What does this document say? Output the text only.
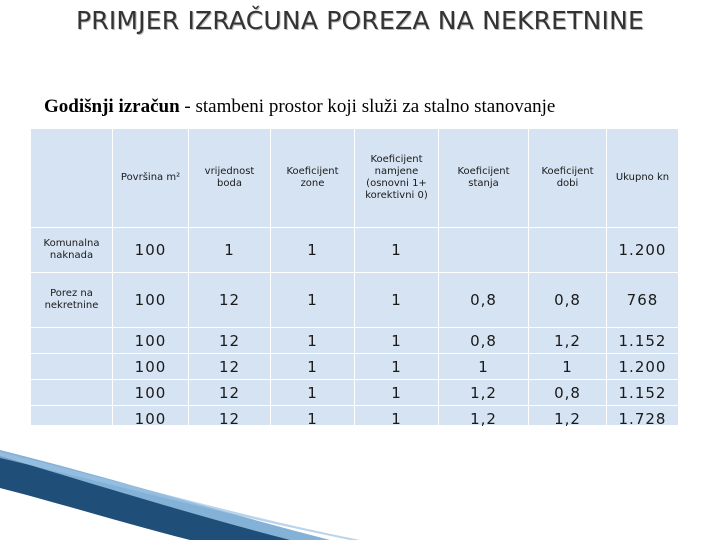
PRIMJER IZRAČUNA POREZA NA NEKRETNINE
Godišnji izračun - stambeni prostor koji služi za stalno stanovanje
	Površina m²	vrijednost boda	Koeficijent zone	Koeficijent namjene (osnovni 1+ korektivni 0)	Koeficijent stanja	Koeficijent dobi	Ukupno kn
Komunalna naknada	100	1	1	1			1.200
Porez na nekretnine	100	12	1	1	0,8	0,8	768
	100	12	1	1	0,8	1,2	1.152
	100	12	1	1	1	1	1.200
	100	12	1	1	1,2	0,8	1.152
	100	12	1	1	1,2	1,2	1.728
